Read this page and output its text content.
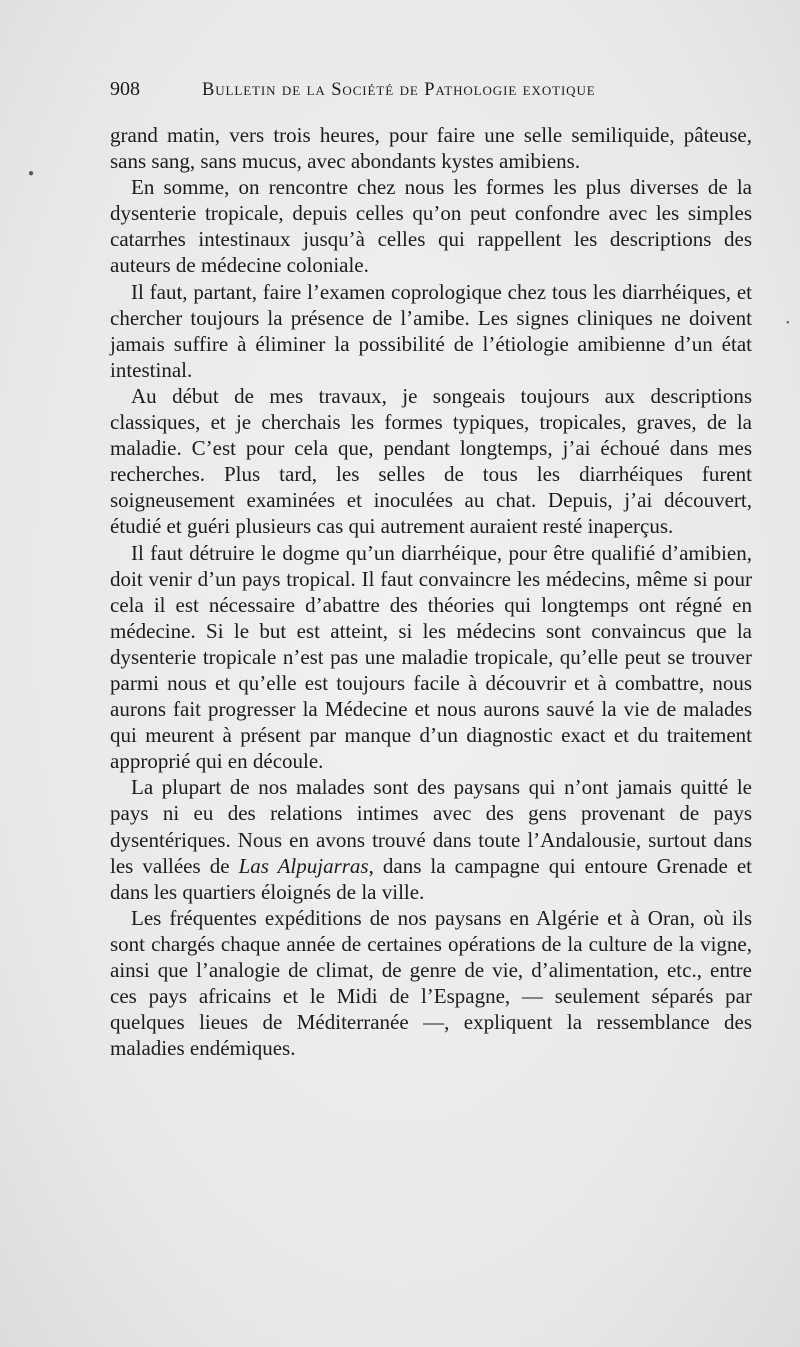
908	Bulletin de la Société de Pathologie exotique
●
•

grand matin, vers trois heures, pour faire une selle semiliquide, pâteuse, sans sang, sans mucus, avec abondants kystes amibiens.

En somme, on rencontre chez nous les formes les plus diverses de la dysenterie tropicale, depuis celles qu’on peut confondre avec les simples catarrhes intestinaux jusqu’à celles qui rappellent les descriptions des auteurs de médecine coloniale.

Il faut, partant, faire l’examen coprologique chez tous les diarrhéiques, et chercher toujours la présence de l’amibe. Les signes cliniques ne doivent jamais suffire à éliminer la possibilité de l’étiologie amibienne d’un état intestinal.

Au début de mes travaux, je songeais toujours aux descriptions classiques, et je cherchais les formes typiques, tropicales, graves, de la maladie. C’est pour cela que, pendant longtemps, j’ai échoué dans mes recherches. Plus tard, les selles de tous les diarrhéiques furent soigneusement examinées et inoculées au chat. Depuis, j’ai découvert, étudié et guéri plusieurs cas qui autrement auraient resté inaperçus.

Il faut détruire le dogme qu’un diarrhéique, pour être qualifié d’amibien, doit venir d’un pays tropical. Il faut convaincre les médecins, même si pour cela il est nécessaire d’abattre des théories qui longtemps ont régné en médecine. Si le but est atteint, si les médecins sont convaincus que la dysenterie tropicale n’est pas une maladie tropicale, qu’elle peut se trouver parmi nous et qu’elle est toujours facile à découvrir et à combattre, nous aurons fait progresser la Médecine et nous aurons sauvé la vie de malades qui meurent à présent par manque d’un diagnostic exact et du traitement approprié qui en découle.

La plupart de nos malades sont des paysans qui n’ont jamais quitté le pays ni eu des relations intimes avec des gens provenant de pays dysentériques. Nous en avons trouvé dans toute l’Andalousie, surtout dans les vallées de Las Alpujarras, dans la campagne qui entoure Grenade et dans les quartiers éloignés de la ville.

Les fréquentes expéditions de nos paysans en Algérie et à Oran, où ils sont chargés chaque année de certaines opérations de la culture de la vigne, ainsi que l’analogie de climat, de genre de vie, d’alimentation, etc., entre ces pays africains et le Midi de l’Espagne, — seulement séparés par quelques lieues de Méditerranée —, expliquent la ressemblance des maladies endémiques.
